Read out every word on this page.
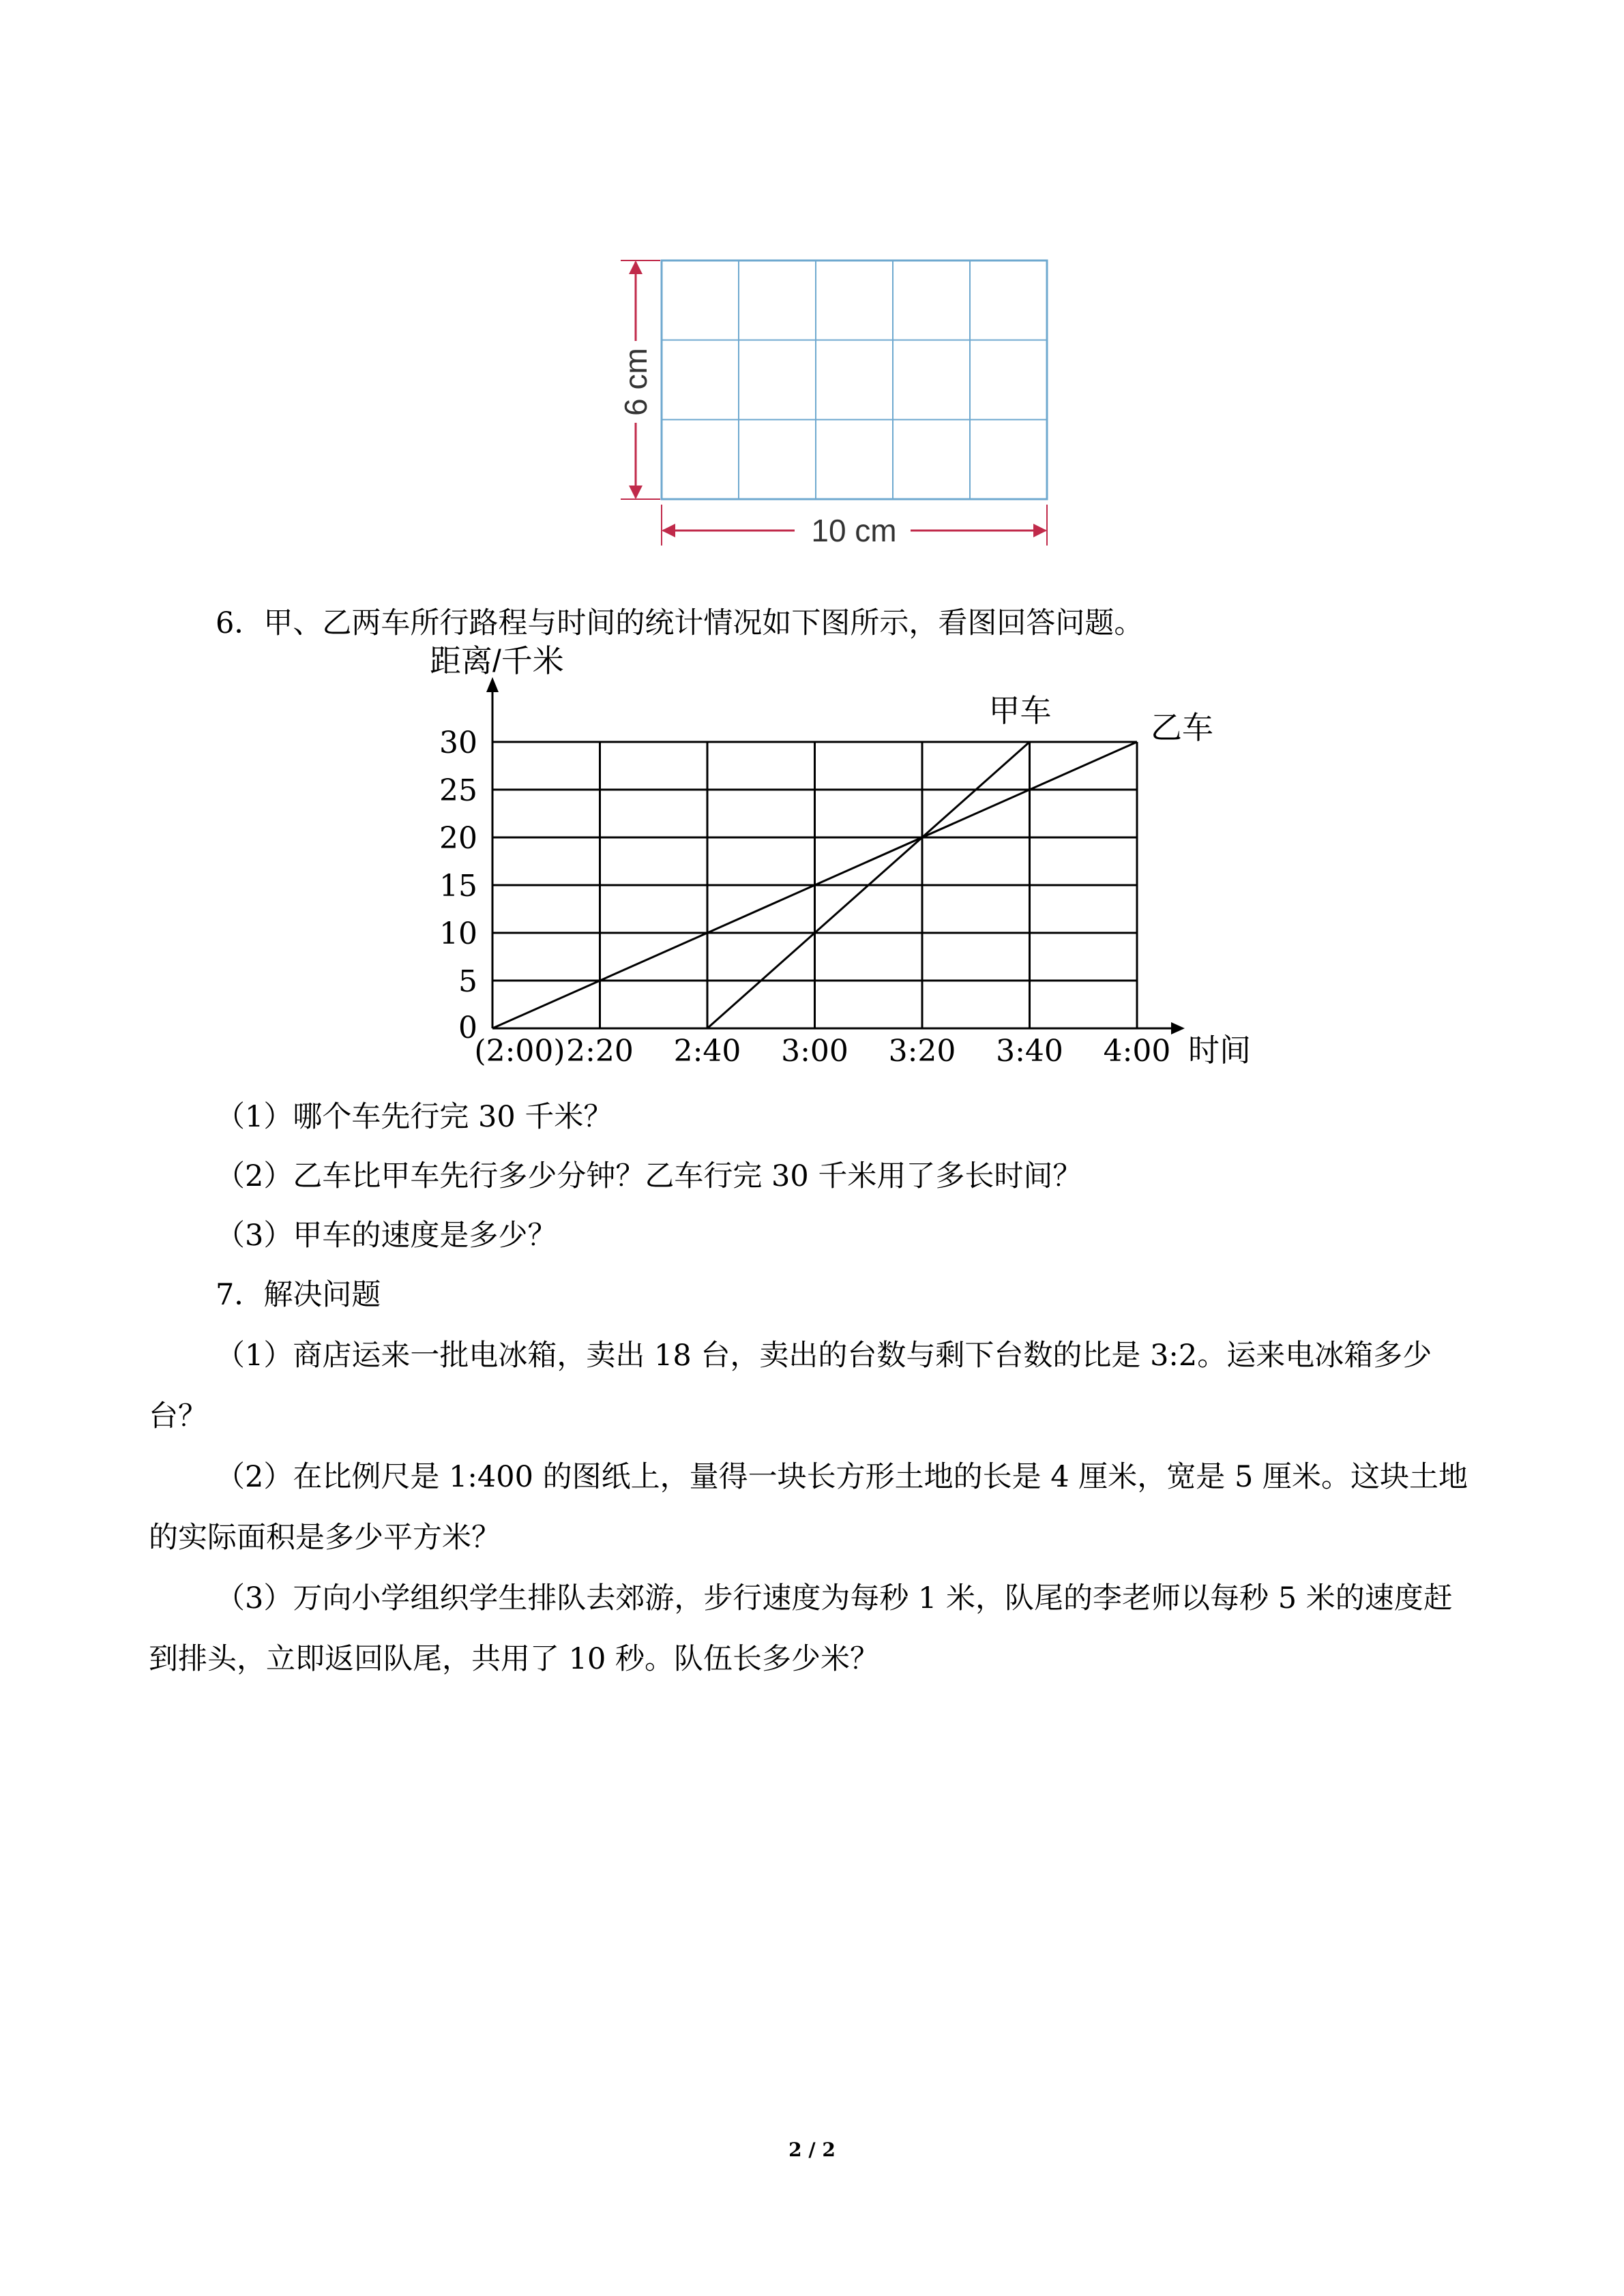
6 cm
10 cm
6．甲、乙两车所行路程与时间的统计情况如下图所示，看图回答问题。
距离/千米
时间
0
5
10
15
20
25
30
(2:00) 2:20 2:40 3:00 3:20 3:40 4:00
甲车	乙车
（1）哪个车先行完 30 千米？
（2）乙车比甲车先行多少分钟？乙车行完 30 千米用了多长时间？
（3）甲车的速度是多少？
7．解决问题
（1）商店运来一批电冰箱，卖出 18 台，卖出的台数与剩下台数的比是 3:2。运来电冰箱多少台？
（2）在比例尺是 1:400 的图纸上，量得一块长方形土地的长是 4 厘米，宽是 5 厘米。这块土地的实际面积是多少平方米？
（3）万向小学组织学生排队去郊游，步行速度为每秒 1 米，队尾的李老师以每秒 5 米的速度赶到排头，立即返回队尾，共用了 10 秒。队伍长多少米？
2 / 2
